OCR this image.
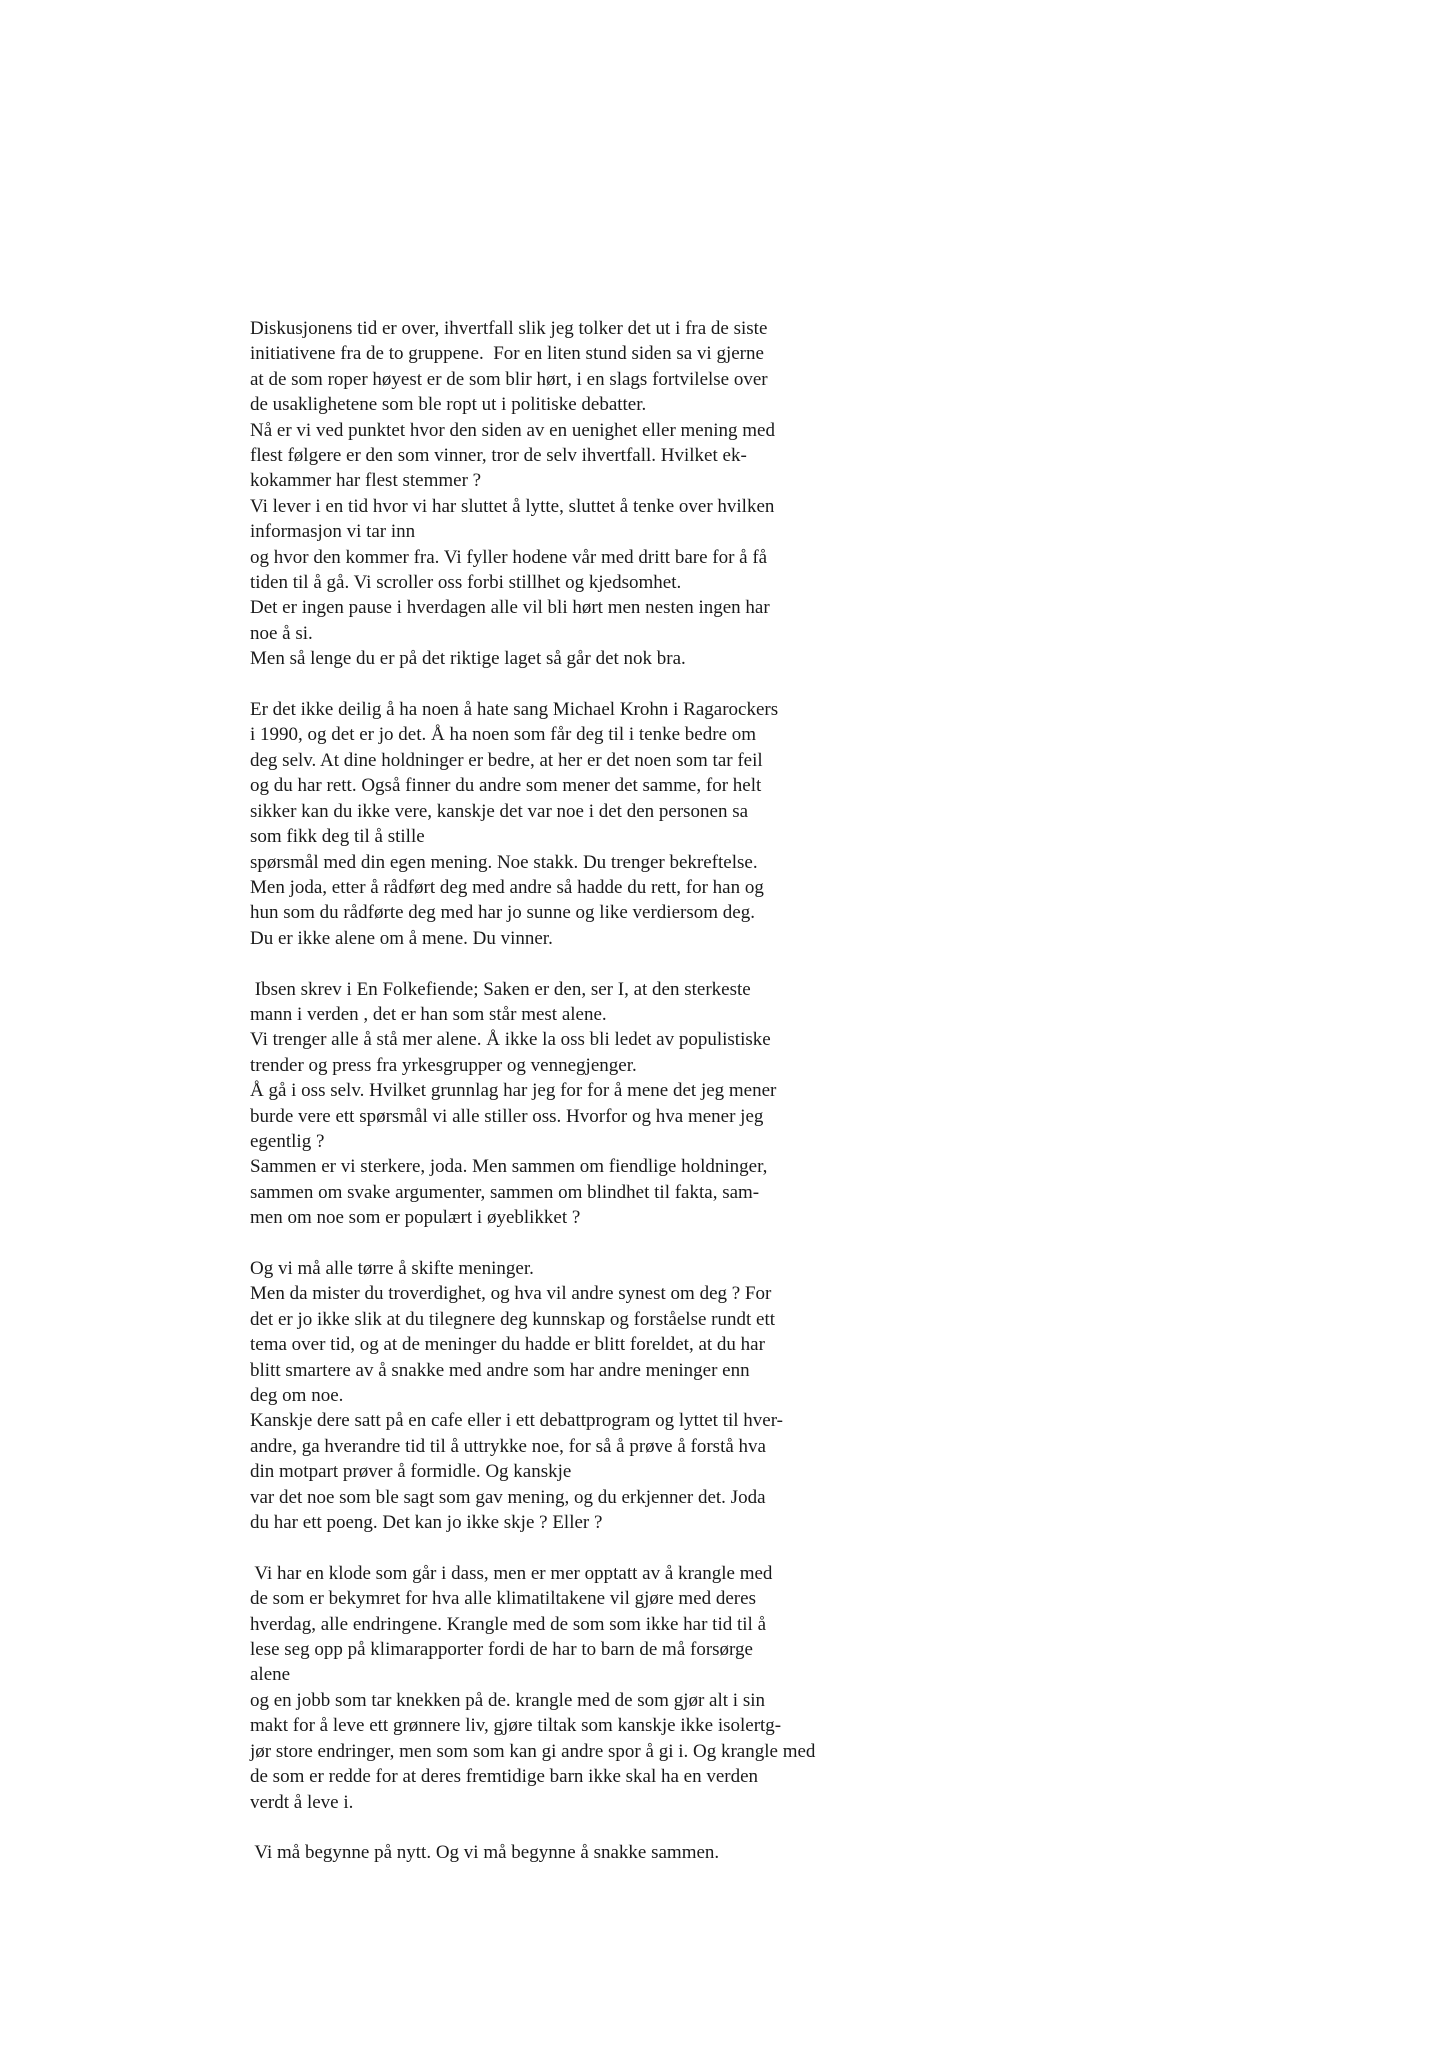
Diskusjonens tid er over, ihvertfall slik jeg tolker det ut i fra de siste
initiativene fra de to gruppene.  For en liten stund siden sa vi gjerne
at de som roper høyest er de som blir hørt, i en slags fortvilelse over
de usaklighetene som ble ropt ut i politiske debatter.
Nå er vi ved punktet hvor den siden av en uenighet eller mening med
flest følgere er den som vinner, tror de selv ihvertfall. Hvilket ek-
kokammer har flest stemmer ?
Vi lever i en tid hvor vi har sluttet å lytte, sluttet å tenke over hvilken
informasjon vi tar inn
og hvor den kommer fra. Vi fyller hodene vår med dritt bare for å få
tiden til å gå. Vi scroller oss forbi stillhet og kjedsomhet.
Det er ingen pause i hverdagen alle vil bli hørt men nesten ingen har
noe å si.
Men så lenge du er på det riktige laget så går det nok bra.
Er det ikke deilig å ha noen å hate sang Michael Krohn i Ragarockers
i 1990, og det er jo det. Å ha noen som får deg til i tenke bedre om
deg selv. At dine holdninger er bedre, at her er det noen som tar feil
og du har rett. Også finner du andre som mener det samme, for helt
sikker kan du ikke vere, kanskje det var noe i det den personen sa
som fikk deg til å stille
spørsmål med din egen mening. Noe stakk. Du trenger bekreftelse.
Men joda, etter å rådført deg med andre så hadde du rett, for han og
hun som du rådførte deg med har jo sunne og like verdiersom deg.
Du er ikke alene om å mene. Du vinner.
Ibsen skrev i En Folkefiende; Saken er den, ser I, at den sterkeste
mann i verden , det er han som står mest alene.
Vi trenger alle å stå mer alene. Å ikke la oss bli ledet av populistiske
trender og press fra yrkesgrupper og vennegjenger.
Å gå i oss selv. Hvilket grunnlag har jeg for for å mene det jeg mener
burde vere ett spørsmål vi alle stiller oss. Hvorfor og hva mener jeg
egentlig ?
Sammen er vi sterkere, joda. Men sammen om fiendlige holdninger,
sammen om svake argumenter, sammen om blindhet til fakta, sam-
men om noe som er populært i øyeblikket ?
Og vi må alle tørre å skifte meninger.
Men da mister du troverdighet, og hva vil andre synest om deg ? For
det er jo ikke slik at du tilegnere deg kunnskap og forståelse rundt ett
tema over tid, og at de meninger du hadde er blitt foreldet, at du har
blitt smartere av å snakke med andre som har andre meninger enn
deg om noe.
Kanskje dere satt på en cafe eller i ett debattprogram og lyttet til hver-
andre, ga hverandre tid til å uttrykke noe, for så å prøve å forstå hva
din motpart prøver å formidle. Og kanskje
var det noe som ble sagt som gav mening, og du erkjenner det. Joda
du har ett poeng. Det kan jo ikke skje ? Eller ?
Vi har en klode som går i dass, men er mer opptatt av å krangle med
de som er bekymret for hva alle klimatiltakene vil gjøre med deres
hverdag, alle endringene. Krangle med de som som ikke har tid til å
lese seg opp på klimarapporter fordi de har to barn de må forsørge
alene
og en jobb som tar knekken på de. krangle med de som gjør alt i sin
makt for å leve ett grønnere liv, gjøre tiltak som kanskje ikke isolertg-
jør store endringer, men som som kan gi andre spor å gi i. Og krangle med
de som er redde for at deres fremtidige barn ikke skal ha en verden
verdt å leve i.
Vi må begynne på nytt. Og vi må begynne å snakke sammen.
